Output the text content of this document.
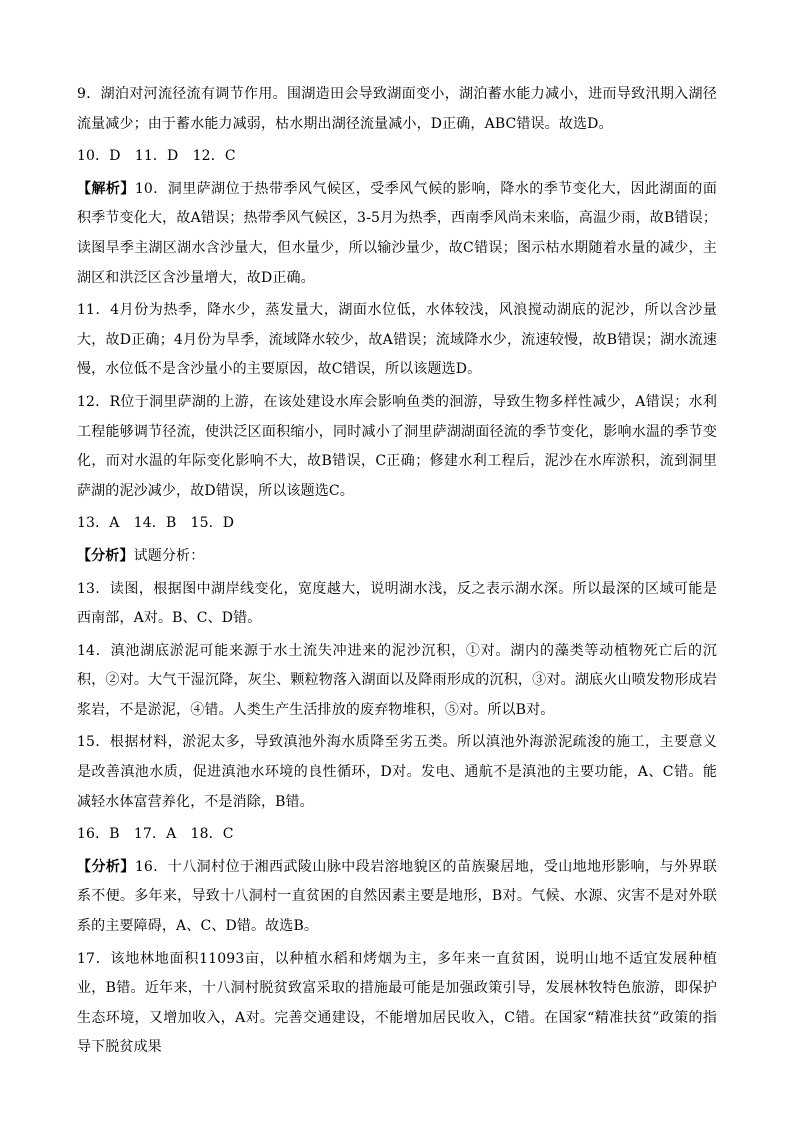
9．湖泊对河流径流有调节作用。围湖造田会导致湖面变小，湖泊蓄水能力减小，进而导致汛期入湖径流量减少；由于蓄水能力减弱，枯水期出湖径流量减小，D正确，ABC错误。故选D。

10．D　11．D　12．C

【解析】10．洞里萨湖位于热带季风气候区，受季风气候的影响，降水的季节变化大，因此湖面的面积季节变化大，故A错误；热带季风气候区，3-5月为热季，西南季风尚未来临，高温少雨，故B错误；读图旱季主湖区湖水含沙量大，但水量少，所以输沙量少，故C错误；图示枯水期随着水量的减少，主湖区和洪泛区含沙量增大，故D正确。

11．4月份为热季，降水少，蒸发量大，湖面水位低，水体较浅，风浪搅动湖底的泥沙，所以含沙量大，故D正确；4月份为旱季，流域降水较少，故A错误；流域降水少，流速较慢，故B错误；湖水流速慢，水位低不是含沙量小的主要原因，故C错误，所以该题选D。

12．R位于洞里萨湖的上游，在该处建设水库会影响鱼类的洄游，导致生物多样性减少，A错误；水利工程能够调节径流，使洪泛区面积缩小，同时减小了洞里萨湖湖面径流的季节变化，影响水温的季节变化，而对水温的年际变化影响不大，故B错误，C正确；修建水利工程后，泥沙在水库淤积，流到洞里萨湖的泥沙减少，故D错误，所以该题选C。

13．A　14．B　15．D

【分析】试题分析：

13．读图，根据图中湖岸线变化，宽度越大，说明湖水浅，反之表示湖水深。所以最深的区域可能是西南部，A对。B、C、D错。

14．滇池湖底淤泥可能来源于水土流失冲进来的泥沙沉积，①对。湖内的藻类等动植物死亡后的沉积，②对。大气干湿沉降，灰尘、颗粒物落入湖面以及降雨形成的沉积，③对。湖底火山喷发物形成岩浆岩，不是淤泥，④错。人类生产生活排放的废弃物堆积，⑤对。所以B对。

15．根据材料，淤泥太多，导致滇池外海水质降至劣五类。所以滇池外海淤泥疏浚的施工，主要意义是改善滇池水质，促进滇池水环境的良性循环，D对。发电、通航不是滇池的主要功能，A、C错。能减轻水体富营养化，不是消除，B错。

16．B　17．A　18．C

【分析】16．十八洞村位于湘西武陵山脉中段岩溶地貌区的苗族聚居地，受山地地形影响，与外界联系不便。多年来，导致十八洞村一直贫困的自然因素主要是地形，B对。气候、水源、灾害不是对外联系的主要障碍，A、C、D错。故选B。

17．该地林地面积11093亩，以种植水稻和烤烟为主，多年来一直贫困，说明山地不适宜发展种植业，B错。近年来，十八洞村脱贫致富采取的措施最可能是加强政策引导，发展林牧特色旅游，即保护生态环境，又增加收入，A对。完善交通建设，不能增加居民收入，C错。在国家“精准扶贫”政策的指导下脱贫成果
